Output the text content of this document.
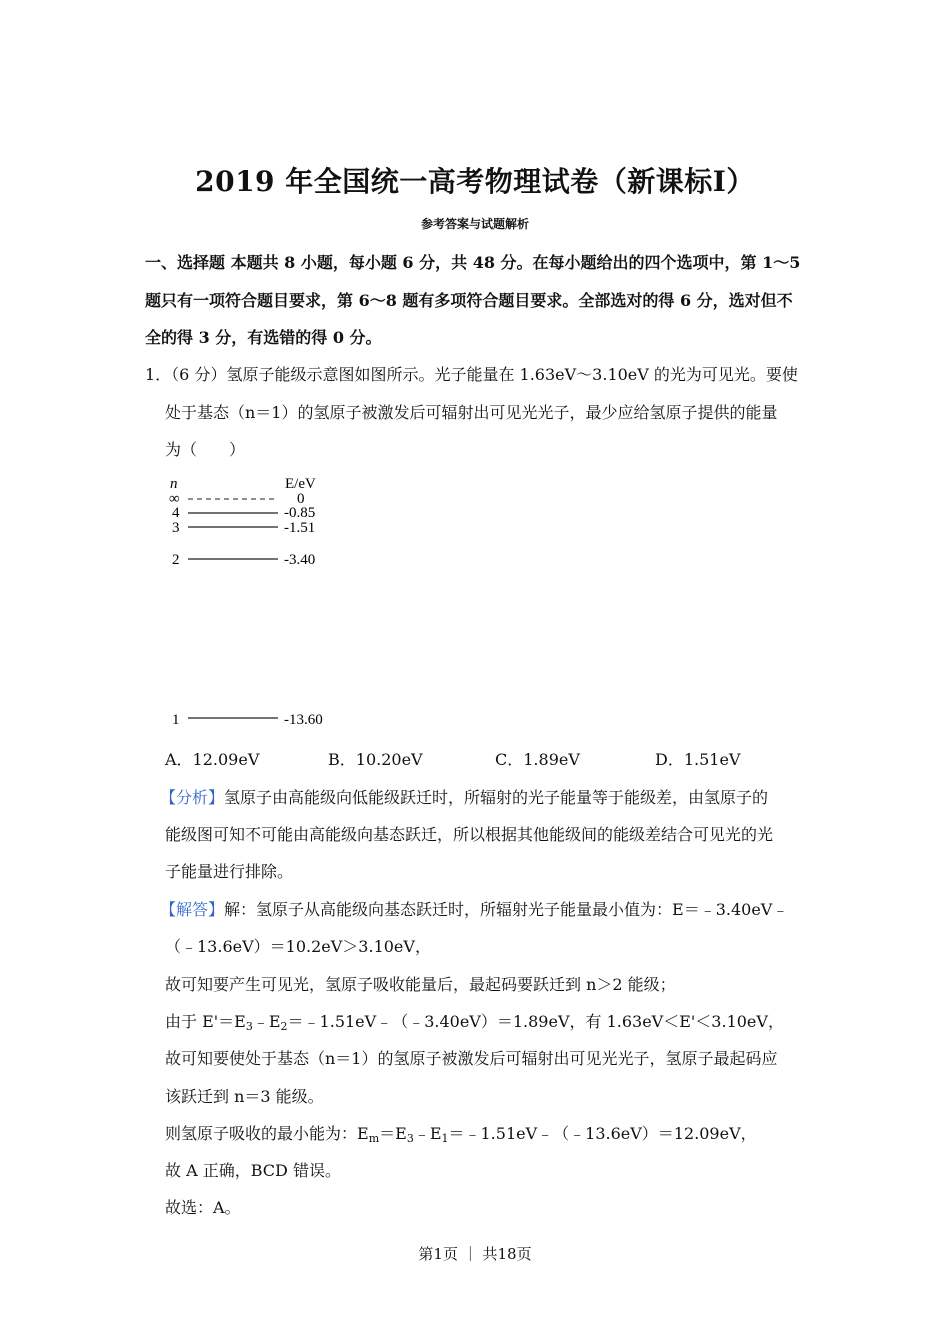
2019 年全国统一高考物理试卷（新课标Ⅰ）
参考答案与试题解析
一、选择题 本题共 8 小题，每小题 6 分，共 48 分。在每小题给出的四个选项中，第 1～5
题只有一项符合题目要求，第 6～8 题有多项符合题目要求。全部选对的得 6 分，选对但不
全的得 3 分，有选错的得 0 分。
1．（6 分）氢原子能级示意图如图所示。光子能量在 1.63eV～3.10eV 的光为可见光。要使
处于基态（n＝1）的氢原子被激发后可辐射出可见光光子，最少应给氢原子提供的能量
为（　　）
n	E/eV
∞	0
4	-0.85
3	-1.51
2	-3.40
1	-13.60
A．12.09eV	B．10.20eV	C．1.89eV	D．1.51eV
【分析】氢原子由高能级向低能级跃迁时，所辐射的光子能量等于能级差，由氢原子的
能级图可知不可能由高能级向基态跃迁，所以根据其他能级间的能级差结合可见光的光
子能量进行排除。
【解答】解：氢原子从高能级向基态跃迁时，所辐射光子能量最小值为：E＝﹣3.40eV﹣
（﹣13.6eV）＝10.2eV＞3.10eV，
故可知要产生可见光，氢原子吸收能量后，最起码要跃迁到 n＞2 能级；
由于 $E'=E_3﹣E_2=﹣1.51eV﹣(﹣3.40eV)=1.89eV$，有 1.63eV＜E'＜3.10eV，
故可知要使处于基态（n＝1）的氢原子被激发后可辐射出可见光光子，氢原子最起码应
该跃迁到 n＝3 能级。
则氢原子吸收的最小能为：$E_m=E_3﹣E_1=﹣1.51eV﹣(﹣13.6eV)=12.09eV$，
故 A 正确，BCD 错误。
故选：A。
第1页 ｜ 共18页
